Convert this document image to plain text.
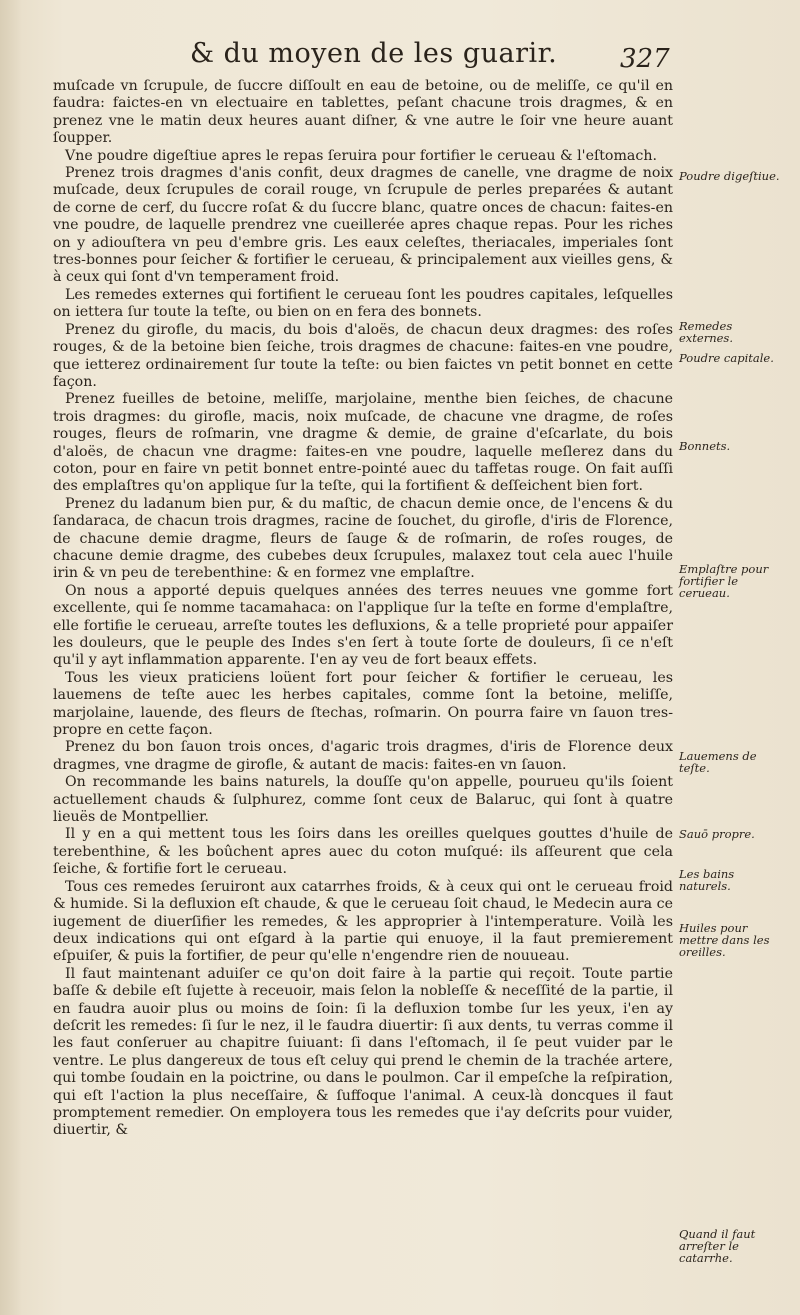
& du moyen de les guarir. 327

muſcade vn ſcrupule, de ſuccre diſſoult en eau de betoine, ou de meliſſe, ce qu'il en faudra: faictes-en vn electuaire en tablettes, peſant chacune trois dragmes, & en prenez vne le matin deux heures auant diſner, & vne autre le ſoir vne heure auant ſoupper.

Vne poudre digeſtiue apres le repas ſeruira pour fortifier le cerueau & l'eſtomach.

Prenez trois dragmes d'anis confit, deux dragmes de canelle, vne dragme de noix muſcade, deux ſcrupules de corail rouge, vn ſcrupule de perles preparées & autant de corne de cerf, du ſuccre roſat & du ſuccre blanc, quatre onces de chacun: faites-en vne poudre, de laquelle prendrez vne cueillerée apres chaque repas. Pour les riches on y adiouſtera vn peu d'embre gris. Les eaux celeſtes, theriacales, imperiales ſont tres-bonnes pour ſeicher & fortifier le cerueau, & principalement aux vieilles gens, & à ceux qui ſont d'vn temperament froid.

Les remedes externes qui fortifient le cerueau ſont les poudres capitales, leſquelles on iettera ſur toute la teſte, ou bien on en fera des bonnets.

Prenez du girofle, du macis, du bois d'aloës, de chacun deux dragmes: des roſes rouges, & de la betoine bien ſeiche, trois dragmes de chacune: faites-en vne poudre, que ietterez ordinairement ſur toute la teſte: ou bien faictes vn petit bonnet en cette façon.

Prenez fueilles de betoine, meliſſe, marjolaine, menthe bien ſeiches, de chacune trois dragmes: du girofle, macis, noix muſcade, de chacune vne dragme, de roſes rouges, fleurs de roſmarin, vne dragme & demie, de graine d'eſcarlate, du bois d'aloës, de chacun vne dragme: faites-en vne poudre, laquelle meſlerez dans du coton, pour en faire vn petit bonnet entre-pointé auec du taffetas rouge. On fait auſſi des emplaſtres qu'on applique ſur la teſte, qui la fortifient & deſſeichent bien fort.

Prenez du ladanum bien pur, & du maſtic, de chacun demie once, de l'encens & du ſandaraca, de chacun trois dragmes, racine de ſouchet, du girofle, d'iris de Florence, de chacune demie dragme, fleurs de ſauge & de roſmarin, de roſes rouges, de chacune demie dragme, des cubebes deux ſcrupules, malaxez tout cela auec l'huile irin & vn peu de terebenthine: & en formez vne emplaſtre.

On nous a apporté depuis quelques années des terres neuues vne gomme fort excellente, qui ſe nomme tacamahaca: on l'applique ſur la teſte en forme d'emplaſtre, elle fortifie le cerueau, arreſte toutes les defluxions, & a telle proprieté pour appaiſer les douleurs, que le peuple des Indes s'en ſert à toute ſorte de douleurs, ſi ce n'eſt qu'il y ayt inflammation apparente. I'en ay veu de fort beaux effets.

Tous les vieux praticiens loüent fort pour ſeicher & fortifier le cerueau, les lauemens de teſte auec les herbes capitales, comme ſont la betoine, meliſſe, marjolaine, lauende, des fleurs de ſtechas, roſmarin. On pourra faire vn ſauon tres-propre en cette façon.

Prenez du bon ſauon trois onces, d'agaric trois dragmes, d'iris de Florence deux dragmes, vne dragme de girofle, & autant de macis: faites-en vn ſauon.

On recommande les bains naturels, la douſſe qu'on appelle, pourueu qu'ils ſoient actuellement chauds & ſulphurez, comme ſont ceux de Balaruc, qui ſont à quatre lieuës de Montpellier.

Il y en a qui mettent tous les ſoirs dans les oreilles quelques gouttes d'huile de terebenthine, & les boûchent apres auec du coton muſqué: ils aſſeurent que cela ſeiche, & fortifie fort le cerueau.

Tous ces remedes ſeruiront aux catarrhes froids, & à ceux qui ont le cerueau froid & humide. Si la defluxion eſt chaude, & que le cerueau ſoit chaud, le Medecin aura ce iugement de diuerſifier les remedes, & les approprier à l'intemperature. Voilà les deux indications qui ont eſgard à la partie qui enuoye, il la faut premierement eſpuiſer, & puis la fortifier, de peur qu'elle n'engendre rien de nouueau.

Il faut maintenant aduiſer ce qu'on doit faire à la partie qui reçoit. Toute partie baſſe & debile eſt ſujette à receuoir, mais ſelon la nobleſſe & neceſſité de la partie, il en faudra auoir plus ou moins de ſoin: ſi la defluxion tombe ſur les yeux, i'en ay deſcrit les remedes: ſi ſur le nez, il le faudra diuertir: ſi aux dents, tu verras comme il les faut conſeruer au chapitre ſuiuant: ſi dans l'eſtomach, il ſe peut vuider par le ventre. Le plus dangereux de tous eſt celuy qui prend le chemin de la trachée artere, qui tombe ſoudain en la poictrine, ou dans le poulmon. Car il empeſche la reſpiration, qui eſt l'action la plus neceſſaire, & ſuffoque l'animal. A ceux-là doncques il faut promptement remedier. On employera tous les remedes que i'ay deſcrits pour vuider, diuertir, &

Poudre digeſtiue.
Remedes externes.
Poudre capitale.
Bonnets.
Emplaſtre pour fortifier le cerueau.
Lauemens de teſte.
Sauō propre.
Les bains naturels.
Huiles pour mettre dans les oreilles.
Quand il faut arreſter le catarrhe.
